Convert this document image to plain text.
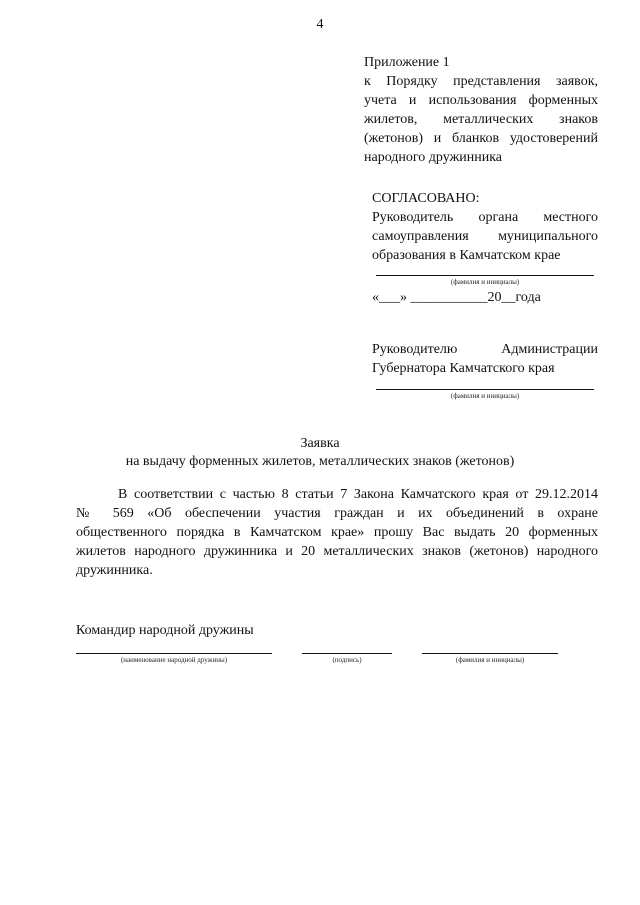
4
Приложение 1
к Порядку представления заявок,
учета и использования форменных
жилетов, металлических знаков
(жетонов) и бланков удостоверений
народного дружинника
СОГЛАСОВАНО:
Руководитель органа местного
самоуправления муниципального
образования в Камчатском крае
(фамилия и инициалы)
«___» ___________20__года
Руководителю Администрации
Губернатора Камчатского края
(фамилия и инициалы)
Заявка
на выдачу форменных жилетов, металлических знаков (жетонов)
В соответствии с частью 8 статьи 7 Закона Камчатского края от 29.12.2014
№ 569 «Об обеспечении участия граждан и их объединений в охране
общественного порядка в Камчатском крае» прошу Вас выдать 20 форменных
жилетов народного дружинника и 20 металлических знаков (жетонов) народного
дружинника.
Командир народной дружины
(наименование народной дружины)	(подпись)	(фамилия и инициалы)
